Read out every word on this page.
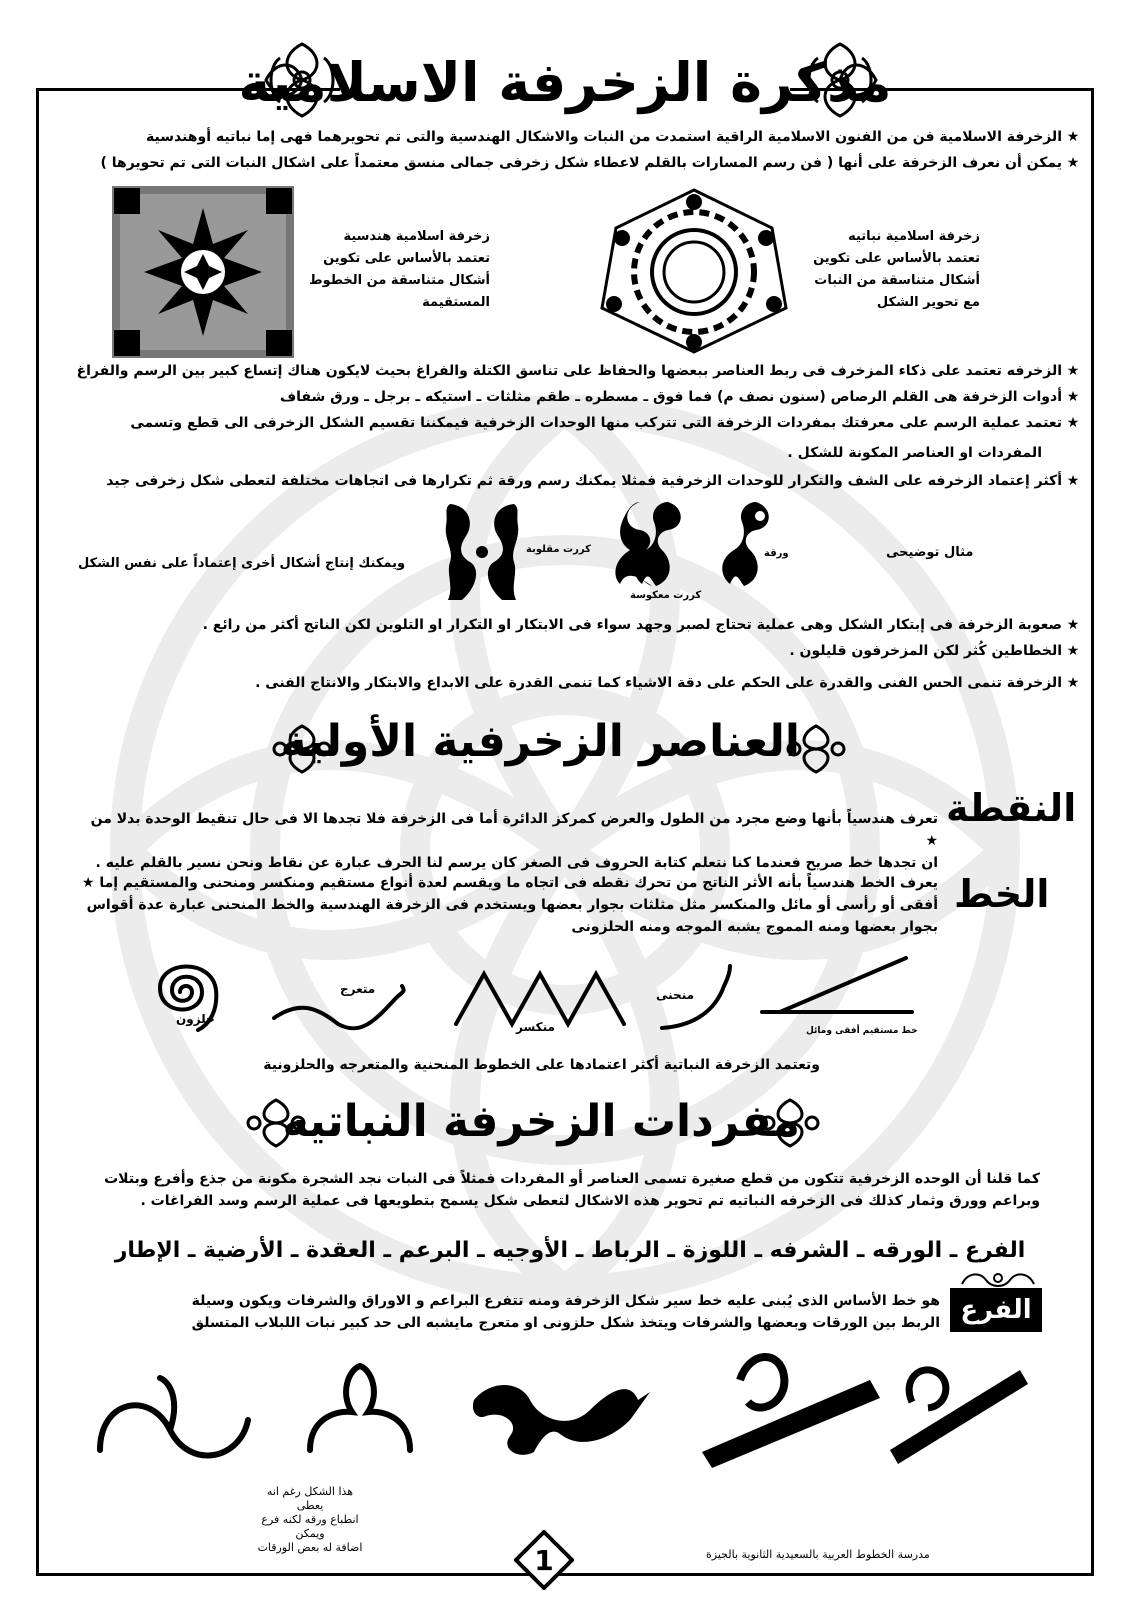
مذكرة الزخرفة الاسلامية
★الزخرفة الاسلامية فن من الفنون الاسلامية الراقية استمدت من النبات والاشكال الهندسية والتى تم تحويرهما فهى إما نباتيه أوهندسية
★يمكن أن نعرف الزخرفة على أنها ( فن رسم المسارات بالقلم لاعطاء شكل زخرفى جمالى منسق معتمداً على اشكال النبات التى تم تحويرها )
زخرفة اسلامية هندسية
تعتمد بالأساس على تكوين
أشكال متناسقة من الخطوط
المستقيمة
زخرفة اسلامية نباتيه
تعتمد بالأساس على تكوين
أشكال متناسقة من النبات
مع تحوير الشكل
★الزخرفه تعتمد على ذكاء المزخرف فى ربط العناصر ببعضها والحفاظ على تناسق الكتلة والفراغ بحيث لايكون هناك إتساع كبير بين الرسم والفراغ
★أدوات الزخرفة هى القلم الرصاص (سنون نصف م) فما فوق ـ مسطره ـ طقم مثلثات ـ استيكه ـ برجل ـ ورق شفاف
★تعتمد عملية الرسم على معرفتك بمفردات الزخرفة التى تتركب منها الوحدات الزخرفية فيمكننا تقسيم الشكل الزخرفى الى قطع وتسمى
المفردات او العناصر المكونة للشكل .
★أكثر إعتماد الزخرفه على الشف والتكرار للوحدات الزخرفية فمثلا يمكنك رسم ورقة ثم تكرارها فى اتجاهات مختلفة لتعطى شكل زخرفى جيد
مثال توضيحى
ورقة
كررت معكوسة
كررت مقلوبة
ويمكنك إنتاج أشكال أخرى إعتماداً على نفس الشكل
★صعوبة الزخرفة فى إبتكار الشكل وهى عملية تحتاج لصبر وجهد سواء فى الابتكار او التكرار او التلوين لكن الناتج أكثر من رائع .
★الخطاطين كُثر لكن المزخرفون قليلون .
★الزخرفة تنمى الحس الفنى والقدرة على الحكم على دقة الاشياء كما تنمى القدرة على الابداع والابتكار والانتاج الفنى .
العناصر الزخرفية الأولية
النقطة
تعرف هندسياً بأنها وضع مجرد من الطول والعرض كمركز الدائرة أما فى الزخرفة فلا تجدها الا فى حال تنقيط الوحدة بدلا من ★
ان تجدها خط صريح فعندما كنا نتعلم كتابة الحروف فى الصغر كان يرسم لنا الحرف عبارة عن نقاط ونحن نسير بالقلم عليه .
الخط
يعرف الخط هندسياً بأنه الأثر الناتج من تحرك نقطه فى اتجاه ما ويقسم لعدة أنواع مستقيم ومنكسر ومنحنى والمستقيم إما ★
أفقى أو رأسى أو مائل والمنكسر مثل مثلثات بجوار بعضها ويستخدم فى الزخرفة الهندسية والخط المنحنى عبارة عدة أقواس
بجوار بعضها ومنه المموج يشبه الموجه ومنه الحلزونى
حلزون
متعرج
منكسر
منحنى
خط مستقيم أفقى ومائل
وتعتمد الزخرفة النباتية أكثر اعتمادها على الخطوط المنحنية والمتعرجه والحلزونية
مفردات الزخرفة النباتيه
كما قلنا أن الوحده الزخرفية تتكون من قطع صغيرة تسمى العناصر أو المفردات فمثلاً فى النبات نجد الشجرة مكونة من جذع وأفرع وبتلات
وبراعم وورق وثمار كذلك فى الزخرفه النباتيه تم تحوير هذه الاشكال لتعطى شكل يسمح بتطويعها فى عملية الرسم وسد الفراغات .
الفرع ـ الورقه ـ الشرفه ـ اللوزة ـ الرباط ـ الأوجيه ـ البرعم ـ العقدة ـ الأرضية ـ الإطار
الفرع
هو خط الأساس الذى يُبنى عليه خط سير شكل الزخرفة ومنه تتفرع البراعم و الاوراق والشرفات ويكون وسيلة
الربط بين الورقات وبعضها والشرفات ويتخذ شكل حلزونى او متعرج مايشبه الى حد كبير نبات اللبلاب المتسلق
هذا الشكل رغم انه يعطى
انطباع ورقه لكنه فرع ويمكن
اضافة له بعض الورقات	1	مدرسة الخطوط العربية بالسعيدية الثانوية بالجيزة
